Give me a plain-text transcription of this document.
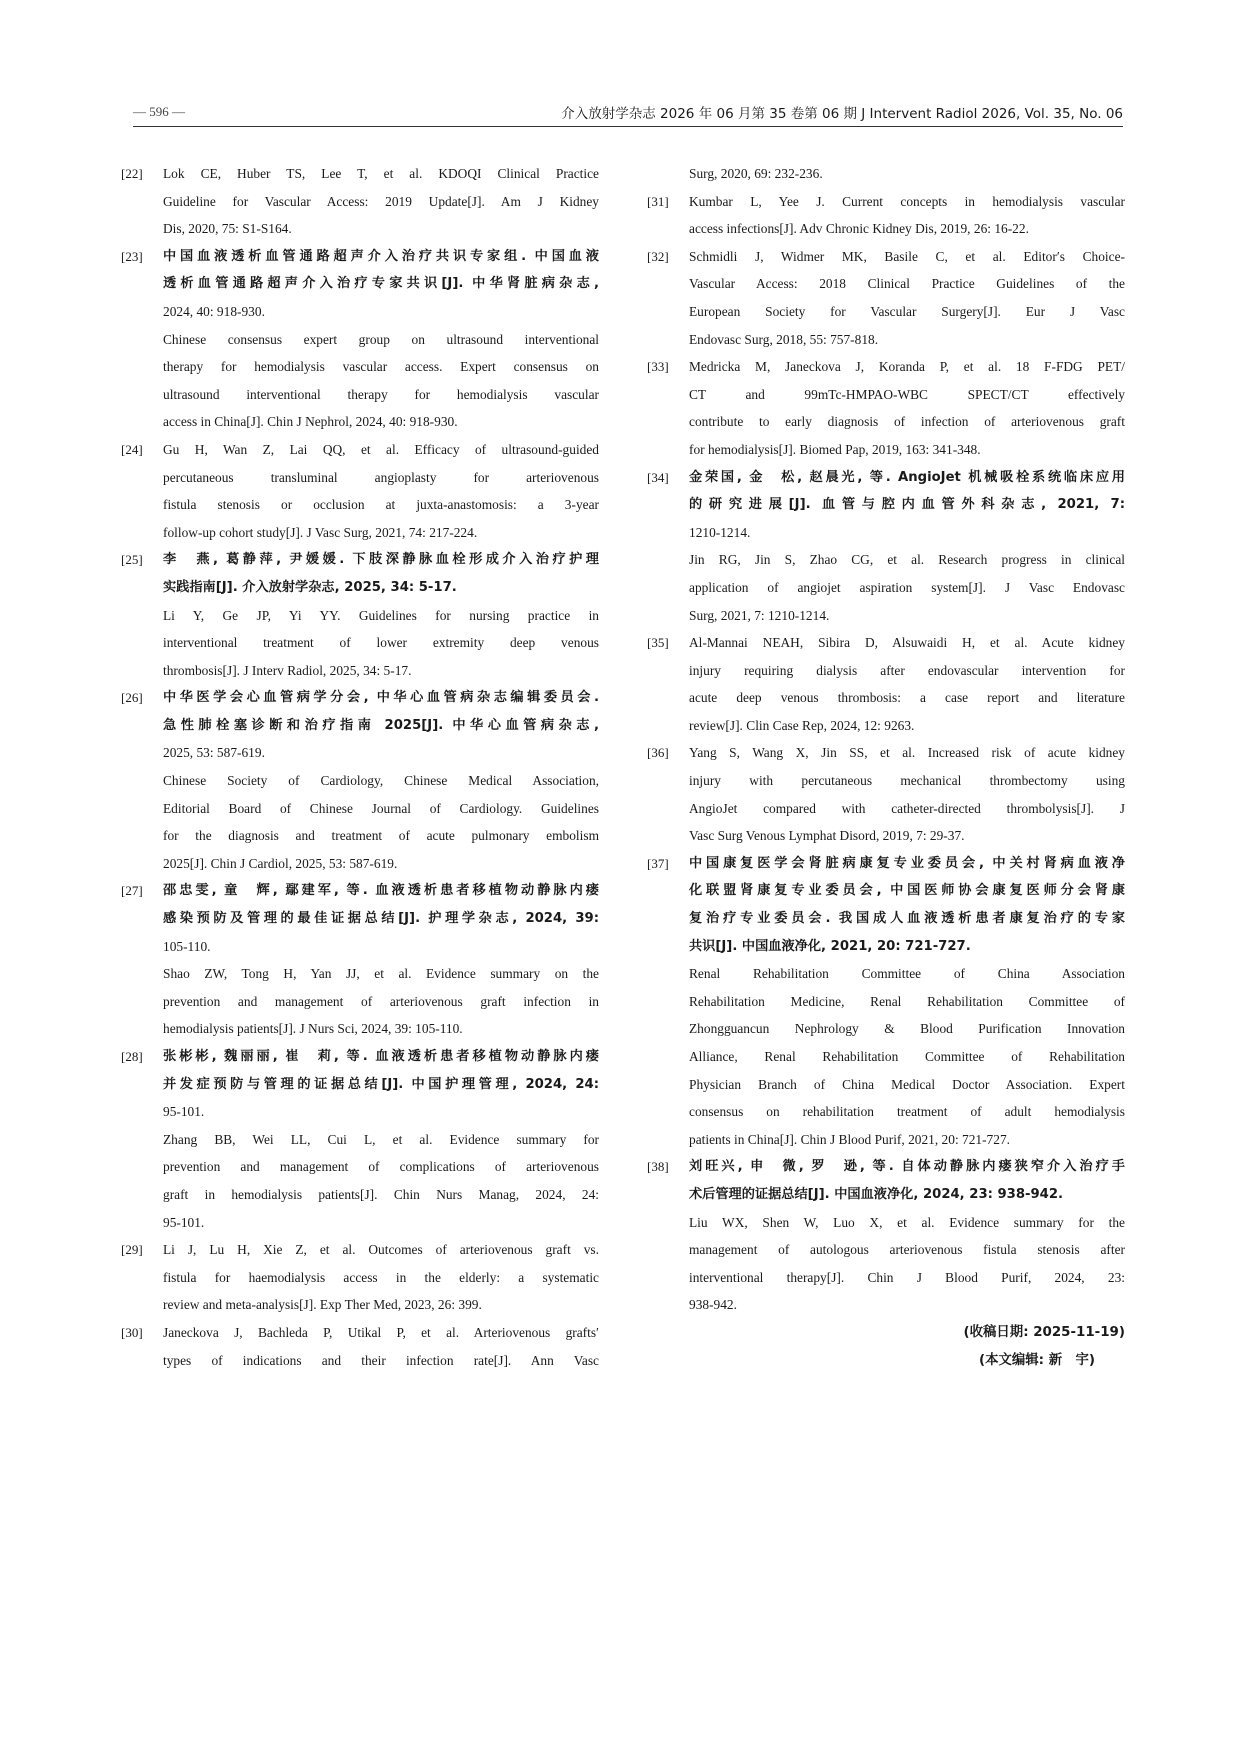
— 596 —	介入放射学杂志 2026 年 06 月第 35 卷第 06 期 J Intervent Radiol 2026, Vol. 35, No. 06
[22]	Lok CE, Huber TS, Lee T, et al. KDOQI Clinical Practice
Guideline for Vascular Access: 2019 Update[J]. Am J Kidney
Dis, 2020, 75: S1-S164.
[23]	中国血液透析血管通路超声介入治疗共识专家组. 中国血液
透析血管通路超声介入治疗专家共识[J]. 中华肾脏病杂志,
2024, 40: 918-930.
Chinese consensus expert group on ultrasound interventional
therapy for hemodialysis vascular access. Expert consensus on
ultrasound interventional therapy for hemodialysis vascular
access in China[J]. Chin J Nephrol, 2024, 40: 918-930.
[24]	Gu H, Wan Z, Lai QQ, et al. Efficacy of ultrasound-guided
percutaneous transluminal angioplasty for arteriovenous
fistula stenosis or occlusion at juxta-anastomosis: a 3-year
follow-up cohort study[J]. J Vasc Surg, 2021, 74: 217-224.
[25]	李　燕, 葛静萍, 尹媛媛. 下肢深静脉血栓形成介入治疗护理
实践指南[J]. 介入放射学杂志, 2025, 34: 5-17.
Li Y, Ge JP, Yi YY. Guidelines for nursing practice in
interventional treatment of lower extremity deep venous
thrombosis[J]. J Interv Radiol, 2025, 34: 5-17.
[26]	中华医学会心血管病学分会, 中华心血管病杂志编辑委员会.
急性肺栓塞诊断和治疗指南 2025[J]. 中华心血管病杂志,
2025, 53: 587-619.
Chinese Society of Cardiology, Chinese Medical Association,
Editorial Board of Chinese Journal of Cardiology. Guidelines
for the diagnosis and treatment of acute pulmonary embolism
2025[J]. Chin J Cardiol, 2025, 53: 587-619.
[27]	邵忠雯, 童　辉, 鄢建军, 等. 血液透析患者移植物动静脉内瘘
感染预防及管理的最佳证据总结[J]. 护理学杂志, 2024, 39:
105-110.
Shao ZW, Tong H, Yan JJ, et al. Evidence summary on the
prevention and management of arteriovenous graft infection in
hemodialysis patients[J]. J Nurs Sci, 2024, 39: 105-110.
[28]	张彬彬, 魏丽丽, 崔　莉, 等. 血液透析患者移植物动静脉内瘘
并发症预防与管理的证据总结[J]. 中国护理管理, 2024, 24:
95-101.
Zhang BB, Wei LL, Cui L, et al. Evidence summary for
prevention and management of complications of arteriovenous
graft in hemodialysis patients[J]. Chin Nurs Manag, 2024, 24:
95-101.
[29]	Li J, Lu H, Xie Z, et al. Outcomes of arteriovenous graft vs.
fistula for haemodialysis access in the elderly: a systematic
review and meta-analysis[J]. Exp Ther Med, 2023, 26: 399.
[30]	Janeckova J, Bachleda P, Utikal P, et al. Arteriovenous grafts′
types of indications and their infection rate[J]. Ann Vasc
Surg, 2020, 69: 232-236.
[31]	Kumbar L, Yee J. Current concepts in hemodialysis vascular
access infections[J]. Adv Chronic Kidney Dis, 2019, 26: 16-22.
[32]	Schmidli J, Widmer MK, Basile C, et al. Editor′s Choice-
Vascular Access: 2018 Clinical Practice Guidelines of the
European Society for Vascular Surgery[J]. Eur J Vasc
Endovasc Surg, 2018, 55: 757-818.
[33]	Medricka M, Janeckova J, Koranda P, et al. 18 F-FDG PET/
CT and 99mTc-HMPAO-WBC SPECT/CT effectively
contribute to early diagnosis of infection of arteriovenous graft
for hemodialysis[J]. Biomed Pap, 2019, 163: 341-348.
[34]	金荣国, 金　松, 赵晨光, 等. AngioJet 机械吸栓系统临床应用
的研究进展[J]. 血管与腔内血管外科杂志, 2021, 7:
1210-1214.
Jin RG, Jin S, Zhao CG, et al. Research progress in clinical
application of angiojet aspiration system[J]. J Vasc Endovasc
Surg, 2021, 7: 1210-1214.
[35]	Al-Mannai NEAH, Sibira D, Alsuwaidi H, et al. Acute kidney
injury requiring dialysis after endovascular intervention for
acute deep venous thrombosis: a case report and literature
review[J]. Clin Case Rep, 2024, 12: 9263.
[36]	Yang S, Wang X, Jin SS, et al. Increased risk of acute kidney
injury with percutaneous mechanical thrombectomy using
AngioJet compared with catheter-directed thrombolysis[J]. J
Vasc Surg Venous Lymphat Disord, 2019, 7: 29-37.
[37]	中国康复医学会肾脏病康复专业委员会, 中关村肾病血液净
化联盟肾康复专业委员会, 中国医师协会康复医师分会肾康
复治疗专业委员会. 我国成人血液透析患者康复治疗的专家
共识[J]. 中国血液净化, 2021, 20: 721-727.
Renal Rehabilitation Committee of China Association
Rehabilitation Medicine, Renal Rehabilitation Committee of
Zhongguancun Nephrology & Blood Purification Innovation
Alliance, Renal Rehabilitation Committee of Rehabilitation
Physician Branch of China Medical Doctor Association. Expert
consensus on rehabilitation treatment of adult hemodialysis
patients in China[J]. Chin J Blood Purif, 2021, 20: 721-727.
[38]	刘旺兴, 申　微, 罗　逊, 等. 自体动静脉内瘘狭窄介入治疗手
术后管理的证据总结[J]. 中国血液净化, 2024, 23: 938-942.
Liu WX, Shen W, Luo X, et al. Evidence summary for the
management of autologous arteriovenous fistula stenosis after
interventional therapy[J]. Chin J Blood Purif, 2024, 23:
938-942.
(收稿日期: 2025-11-19)
(本文编辑: 新　宇)
